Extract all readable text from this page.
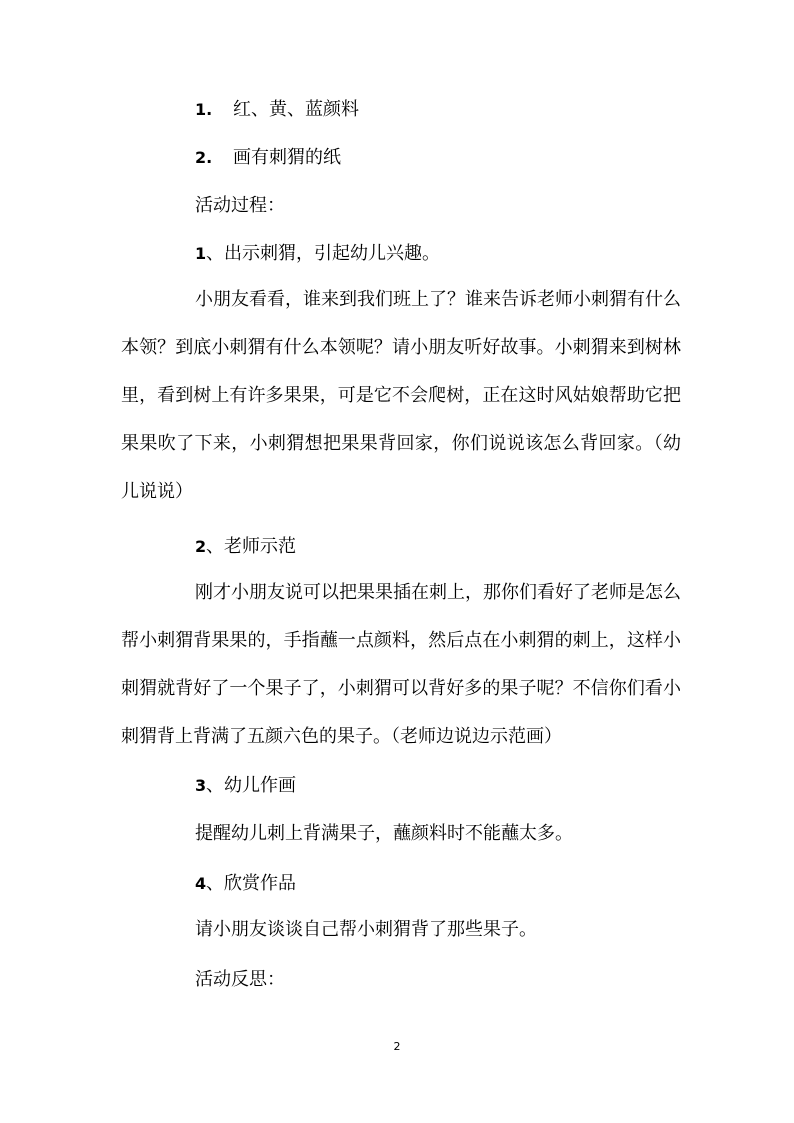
1. 红、黄、蓝颜料
2. 画有刺猬的纸
活动过程：
1 、出示刺猬，引起幼儿兴趣。
小朋友看看，谁来到我们班上了？谁来告诉老师小刺猬有什么本领？到底小刺猬有什么本领呢？请小朋友听好故事。小刺猬来到树林里，看到树上有许多果果，可是它不会爬树，正在这时风姑娘帮助它把果果吹了下来，小刺猬想把果果背回家，你们说说该怎么背回家。（幼儿说说）
2 、老师示范
刚才小朋友说可以把果果插在刺上，那你们看好了老师是怎么帮小刺猬背果果的，手指蘸一点颜料，然后点在小刺猬的刺上，这样小刺猬就背好了一个果子了，小刺猬可以背好多的果子呢？不信你们看小刺猬背上背满了五颜六色的果子。（老师边说边示范画）
3 、幼儿作画
提醒幼儿刺上背满果子，蘸颜料时不能蘸太多。
4 、欣赏作品
请小朋友谈谈自己帮小刺猬背了那些果子。
活动反思：
2
